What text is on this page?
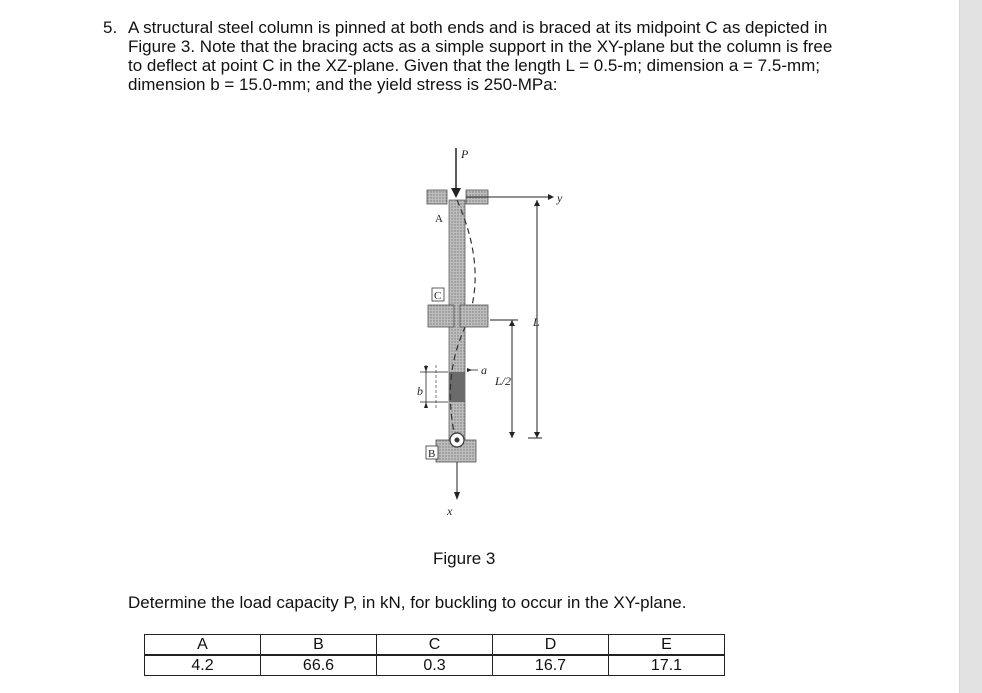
5. A structural steel column is pinned at both ends and is braced at its midpoint C as depicted in Figure 3. Note that the bracing acts as a simple support in the XY-plane but the column is free to deflect at point C in the XZ-plane. Given that the length L = 0.5-m; dimension a = 7.5-mm; dimension b = 15.0-mm; and the yield stress is 250-MPa:
P
y
A
C
L
L/2
a
b
B
x
Figure 3
Determine the load capacity P, in kN, for buckling to occur in the XY-plane.
A	B	C	D	E
4.2	66.6	0.3	16.7	17.1
